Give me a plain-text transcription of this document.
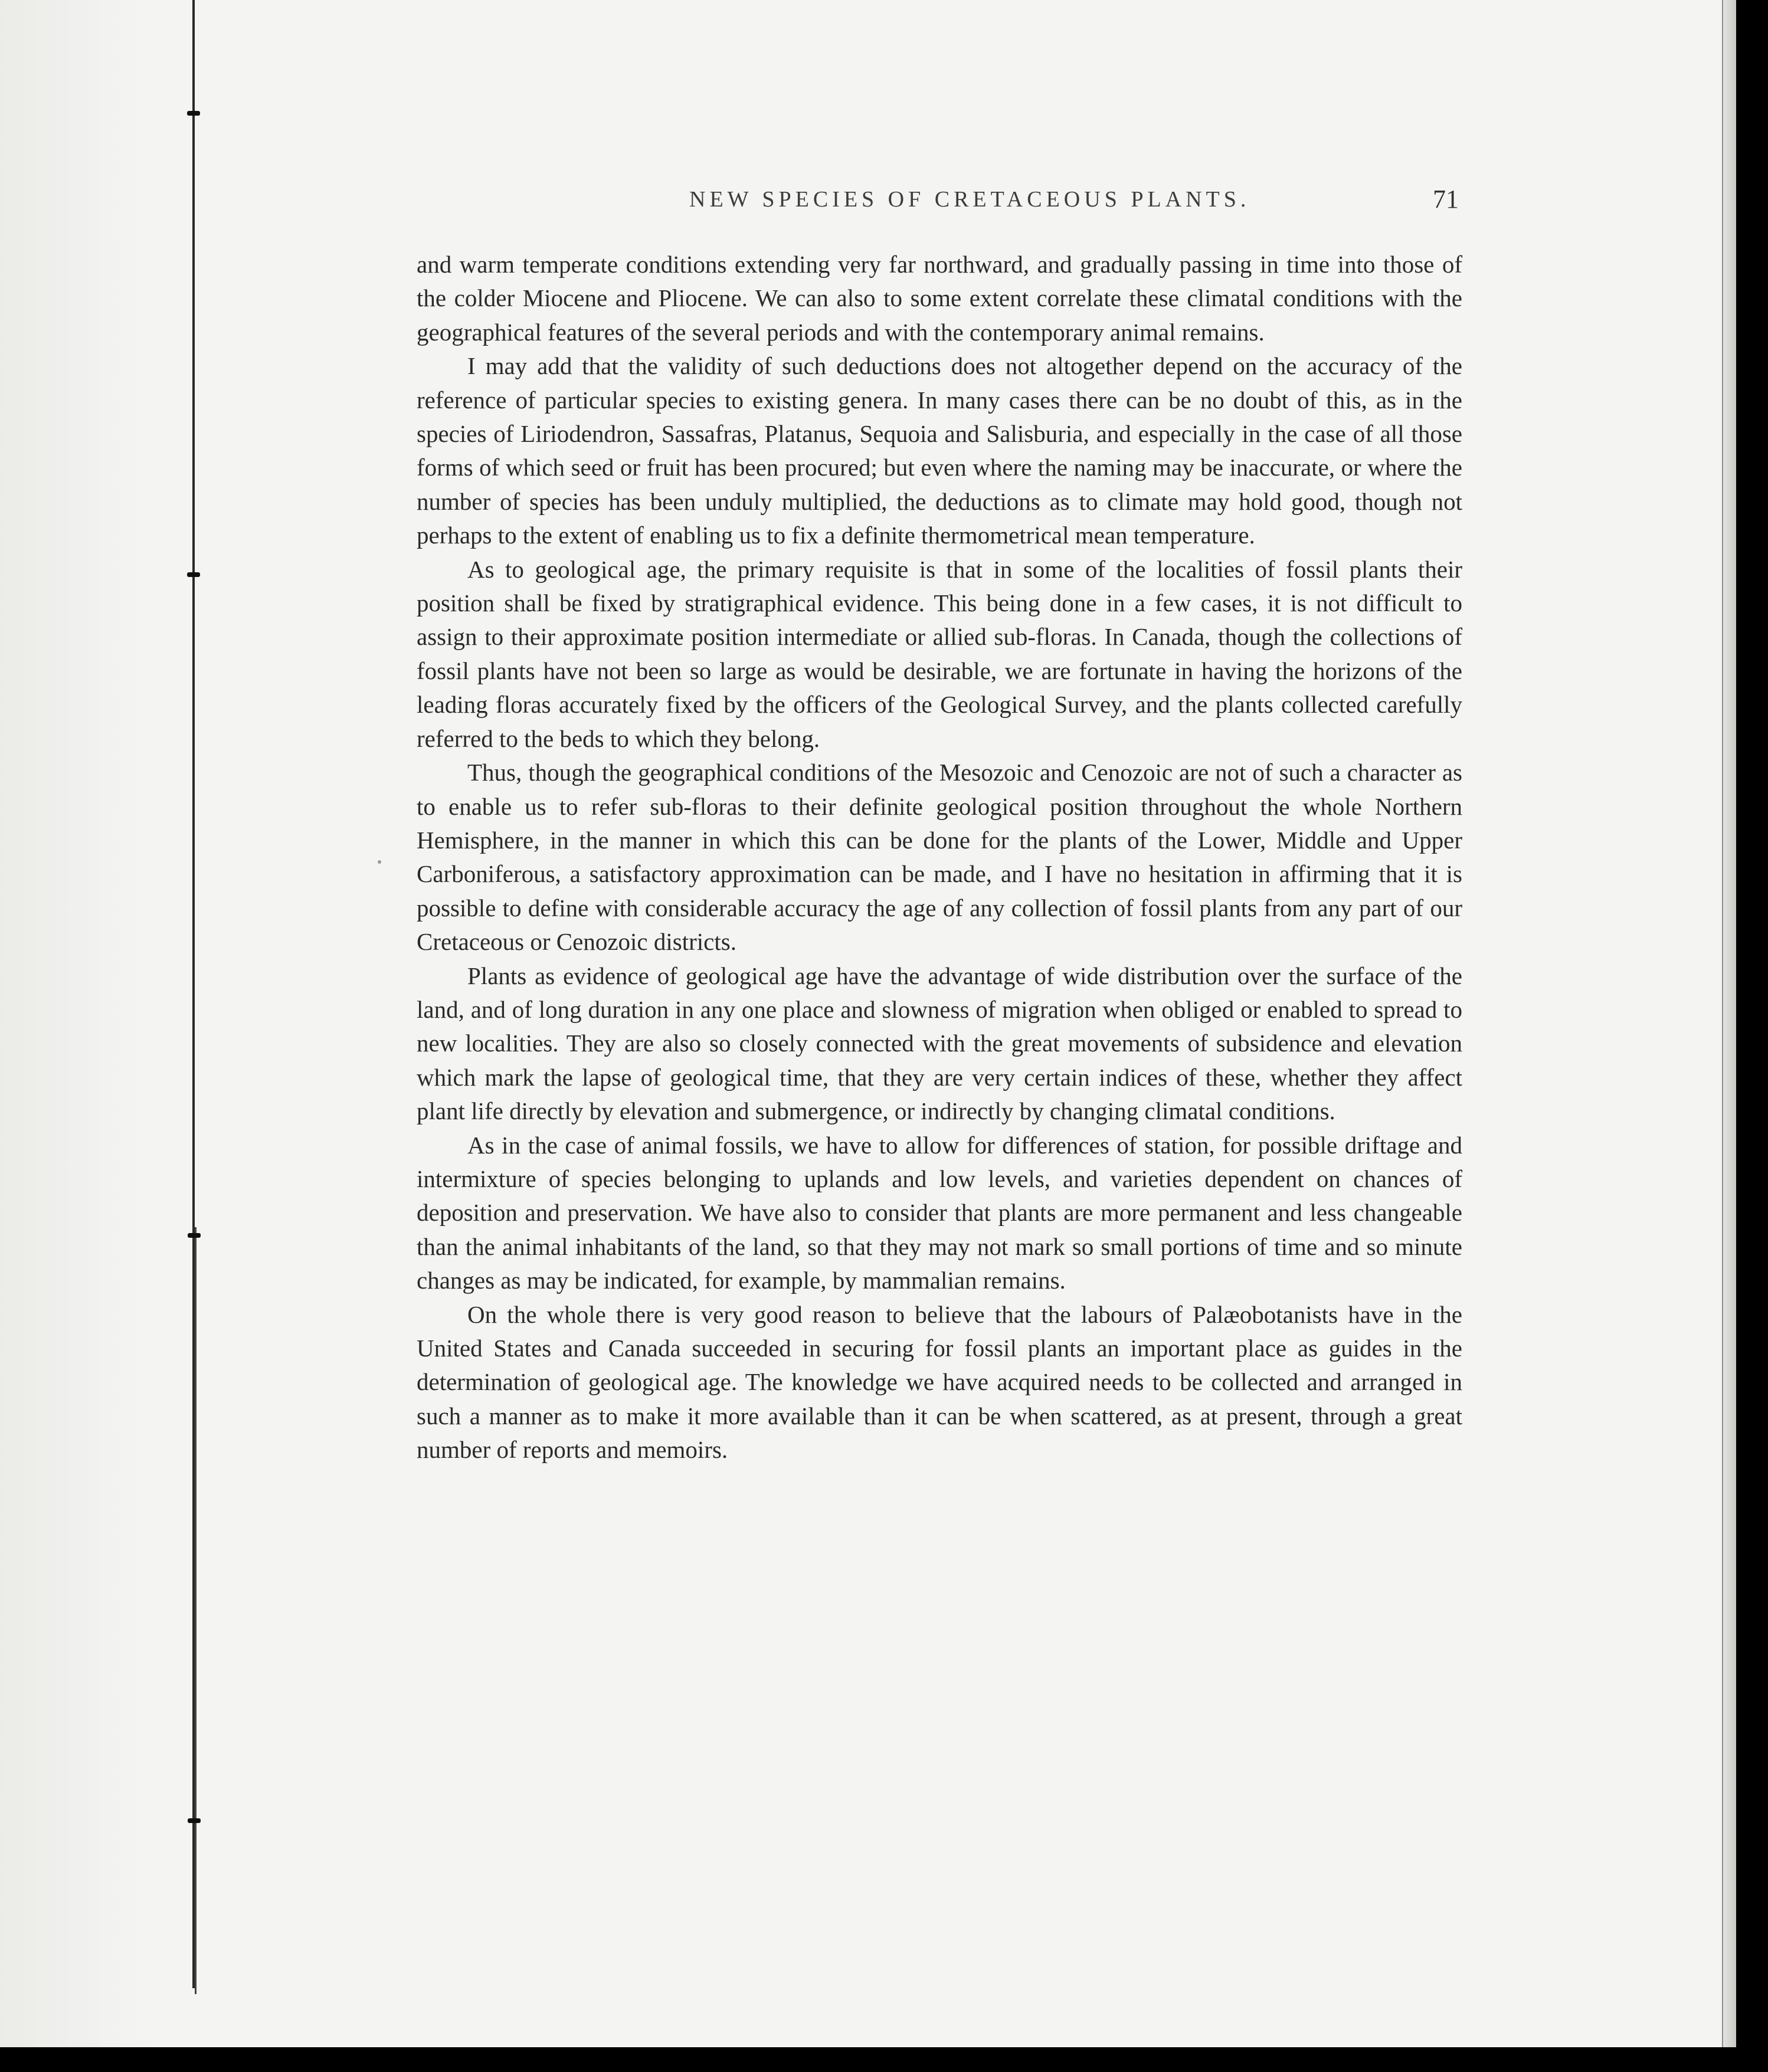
NEW SPECIES OF CRETACEOUS PLANTS.	71

and warm temperate conditions extending very far northward, and gradually passing in time into those of the colder Miocene and Pliocene. We can also to some extent correlate these climatal conditions with the geographical features of the several periods and with the contemporary animal remains.

I may add that the validity of such deductions does not altogether depend on the accuracy of the reference of particular species to existing genera. In many cases there can be no doubt of this, as in the species of Liriodendron, Sassafras, Platanus, Sequoia and Salisburia, and especially in the case of all those forms of which seed or fruit has been procured; but even where the naming may be inaccurate, or where the number of species has been unduly multiplied, the deductions as to climate may hold good, though not perhaps to the extent of enabling us to fix a definite thermometrical mean temperature.

As to geological age, the primary requisite is that in some of the localities of fossil plants their position shall be fixed by stratigraphical evidence. This being done in a few cases, it is not difficult to assign to their approximate position intermediate or allied sub-floras. In Canada, though the collections of fossil plants have not been so large as would be desirable, we are fortunate in having the horizons of the leading floras accurately fixed by the officers of the Geological Survey, and the plants collected carefully referred to the beds to which they belong.

Thus, though the geographical conditions of the Mesozoic and Cenozoic are not of such a character as to enable us to refer sub-floras to their definite geological position throughout the whole Northern Hemisphere, in the manner in which this can be done for the plants of the Lower, Middle and Upper Carboniferous, a satisfactory approximation can be made, and I have no hesitation in affirming that it is possible to define with considerable accuracy the age of any collection of fossil plants from any part of our Cretaceous or Cenozoic districts.

Plants as evidence of geological age have the advantage of wide distribution over the surface of the land, and of long duration in any one place and slowness of migration when obliged or enabled to spread to new localities. They are also so closely connected with the great movements of subsidence and elevation which mark the lapse of geological time, that they are very certain indices of these, whether they affect plant life directly by elevation and submergence, or indirectly by changing climatal conditions.

As in the case of animal fossils, we have to allow for differences of station, for possible driftage and intermixture of species belonging to uplands and low levels, and varieties dependent on chances of deposition and preservation. We have also to consider that plants are more permanent and less changeable than the animal inhabitants of the land, so that they may not mark so small portions of time and so minute changes as may be indicated, for example, by mammalian remains.

On the whole there is very good reason to believe that the labours of Palæobotanists have in the United States and Canada succeeded in securing for fossil plants an important place as guides in the determination of geological age. The knowledge we have acquired needs to be collected and arranged in such a manner as to make it more available than it can be when scattered, as at present, through a great number of reports and memoirs.
